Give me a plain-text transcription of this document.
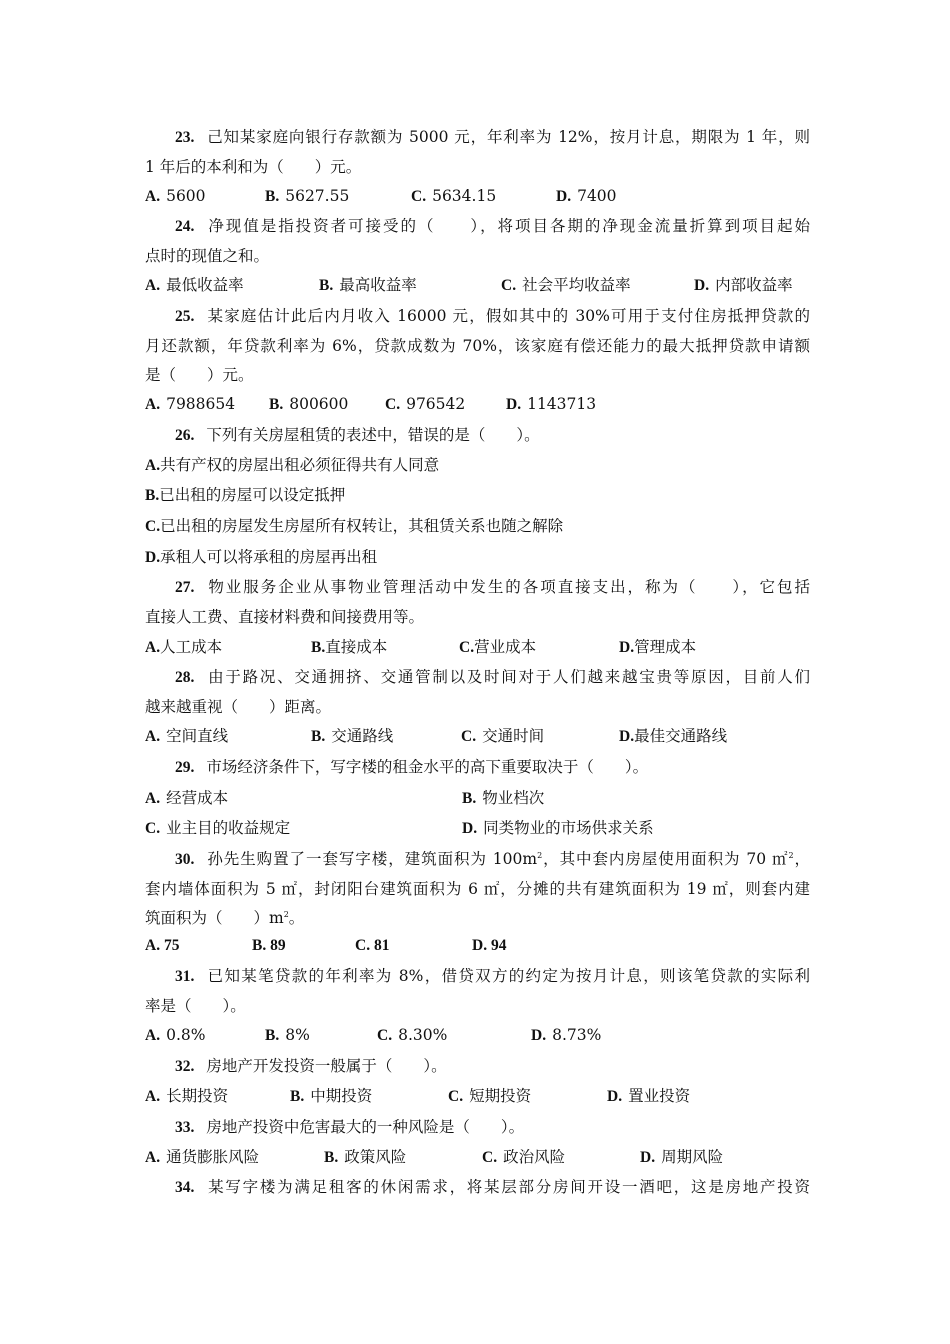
23. 己知某家庭向银行存款额为 5000 元，年利率为 12%，按月计息，期限为 1 年，则
1 年后的本利和为（　　）元。
A. 5600	B. 5627.55	C. 5634.15	D. 7400
24. 净现值是指投资者可接受的（　　），将项目各期的净现金流量折算到项目起始
点时的现值之和。
A. 最低收益率	B. 最高收益率	C. 社会平均收益率	D. 内部收益率
25. 某家庭估计此后内月收入 16000 元，假如其中的 30%可用于支付住房抵押贷款的
月还款额，年贷款利率为 6%，贷款成数为 70%，该家庭有偿还能力的最大抵押贷款申请额
是（　　）元。
A. 7988654 B. 800600 C. 976542	D. 1143713
26. 下列有关房屋租赁的表述中，错误的是（　　）。
A.共有产权的房屋出租必须征得共有人同意
B.已出租的房屋可以设定抵押
C.已出租的房屋发生房屋所有权转让，其租赁关系也随之解除
D.承租人可以将承租的房屋再出租
27. 物业服务企业从事物业管理活动中发生的各项直接支出，称为（　　），它包括
直接人工费、直接材料费和间接费用等。
A.人工成本	B.直接成本	C.营业成本	D.管理成本
28. 由于路况、交通拥挤、交通管制以及时间对于人们越来越宝贵等原因，目前人们
越来越重视（　　）距离。
A. 空间直线	B. 交通路线	C. 交通时间	D.最佳交通路线
29. 市场经济条件下，写字楼的租金水平的高下重要取决于（　　）。
A. 经营成本	B. 物业档次
C. 业主目的收益规定	D. 同类物业的市场供求关系
30. 孙先生购置了一套写字楼，建筑面积为 $100m^2$，其中套内房屋使用面积为 70 ㎡$^2$，
套内墙体面积为 5 ㎡，封闭阳台建筑面积为 6 ㎡，分摊的共有建筑面积为 19 ㎡，则套内建
筑面积为（　　）$m^2$。
A. 75	B. 89	C. 81	D. 94
31. 已知某笔贷款的年利率为 8%，借贷双方的约定为按月计息，则该笔贷款的实际利
率是（　　）。
A. 0.8%	B. 8%	C. 8.30%	D. 8.73%
32. 房地产开发投资一般属于（　　）。
A. 长期投资	B. 中期投资	C. 短期投资	D. 置业投资
33. 房地产投资中危害最大的一种风险是（　　）。
A. 通货膨胀风险	B. 政策风险	C. 政治风险	D. 周期风险
34. 某写字楼为满足租客的休闲需求，将某层部分房间开设一酒吧，这是房地产投资
